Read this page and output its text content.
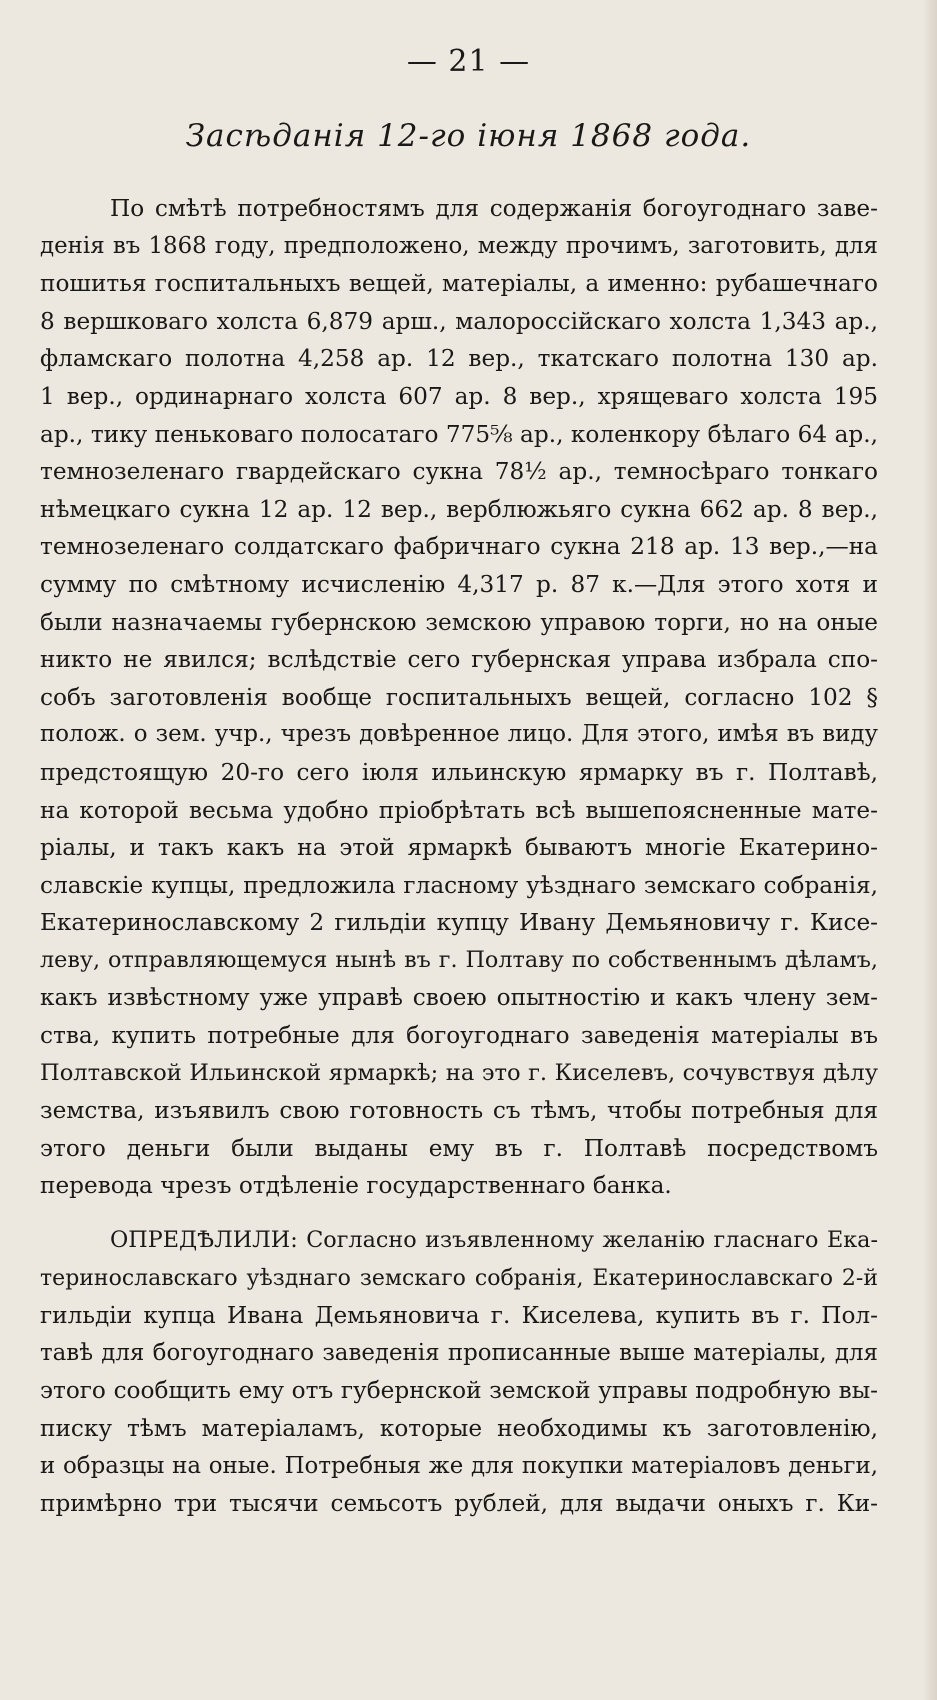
— 21 —
Засѣданія 12-го іюня 1868 года.
По смѣтѣ потребностямъ для содержанія богоугоднаго заве-
денія въ 1868 году, предположено, между прочимъ, заготовить, для
пошитья госпитальныхъ вещей, матеріалы, а именно: рубашечнаго
8 вершковаго холста 6,879 арш., малороссійскаго холста 1,343 ар.,
фламскаго полотна 4,258 ар. 12 вер., ткатскаго полотна 130 ар.
1 вер., ординарнаго холста 607 ар. 8 вер., хрящеваго холста 195
ар., тику пеньковаго полосатаго 775⅝ ар., коленкору бѣлаго 64 ар.,
темнозеленаго гвардейскаго сукна 78½ ар., темносѣраго тонкаго
нѣмецкаго сукна 12 ар. 12 вер., верблюжьяго сукна 662 ар. 8 вер.,
темнозеленаго солдатскаго фабричнаго сукна 218 ар. 13 вер.,—на
сумму по смѣтному исчисленію 4,317 р. 87 к.—Для этого хотя и
были назначаемы губернскою земскою управою торги, но на оные
никто не явился; вслѣдствіе сего губернская управа избрала спо-
собъ заготовленія вообще госпитальныхъ вещей, согласно 102 §
полож. о зем. учр., чрезъ довѣренное лицо. Для этого, имѣя въ виду
предстоящую 20-го сего іюля ильинскую ярмарку въ г. Полтавѣ,
на которой весьма удобно пріобрѣтать всѣ вышепоясненные мате-
ріалы, и такъ какъ на этой ярмаркѣ бываютъ многіе Екатерино-
славскіе купцы, предложила гласному уѣзднаго земскаго собранія,
Екатеринославскому 2 гильдіи купцу Ивану Демьяновичу г. Кисе-
леву, отправляющемуся нынѣ въ г. Полтаву по собственнымъ дѣламъ,
какъ извѣстному уже управѣ своею опытностію и какъ члену зем-
ства, купить потребные для богоугоднаго заведенія матеріалы въ
Полтавской Ильинской ярмаркѣ; на это г. Киселевъ, сочувствуя дѣлу
земства, изъявилъ свою готовность съ тѣмъ, чтобы потребныя для
этого деньги были выданы ему въ г. Полтавѣ посредствомъ
перевода чрезъ отдѣленіе государственнаго банка.
ОПРЕДѢЛИЛИ: Согласно изъявленному желанію гласнаго Ека-
теринославскаго уѣзднаго земскаго собранія, Екатеринославскаго 2-й
гильдіи купца Ивана Демьяновича г. Киселева, купить въ г. Пол-
тавѣ для богоугоднаго заведенія прописанные выше матеріалы, для
этого сообщить ему отъ губернской земской управы подробную вы-
писку тѣмъ матеріаламъ, которые необходимы къ заготовленію,
и образцы на оные. Потребныя же для покупки матеріаловъ деньги,
примѣрно три тысячи семьсотъ рублей, для выдачи оныхъ г. Ки-
